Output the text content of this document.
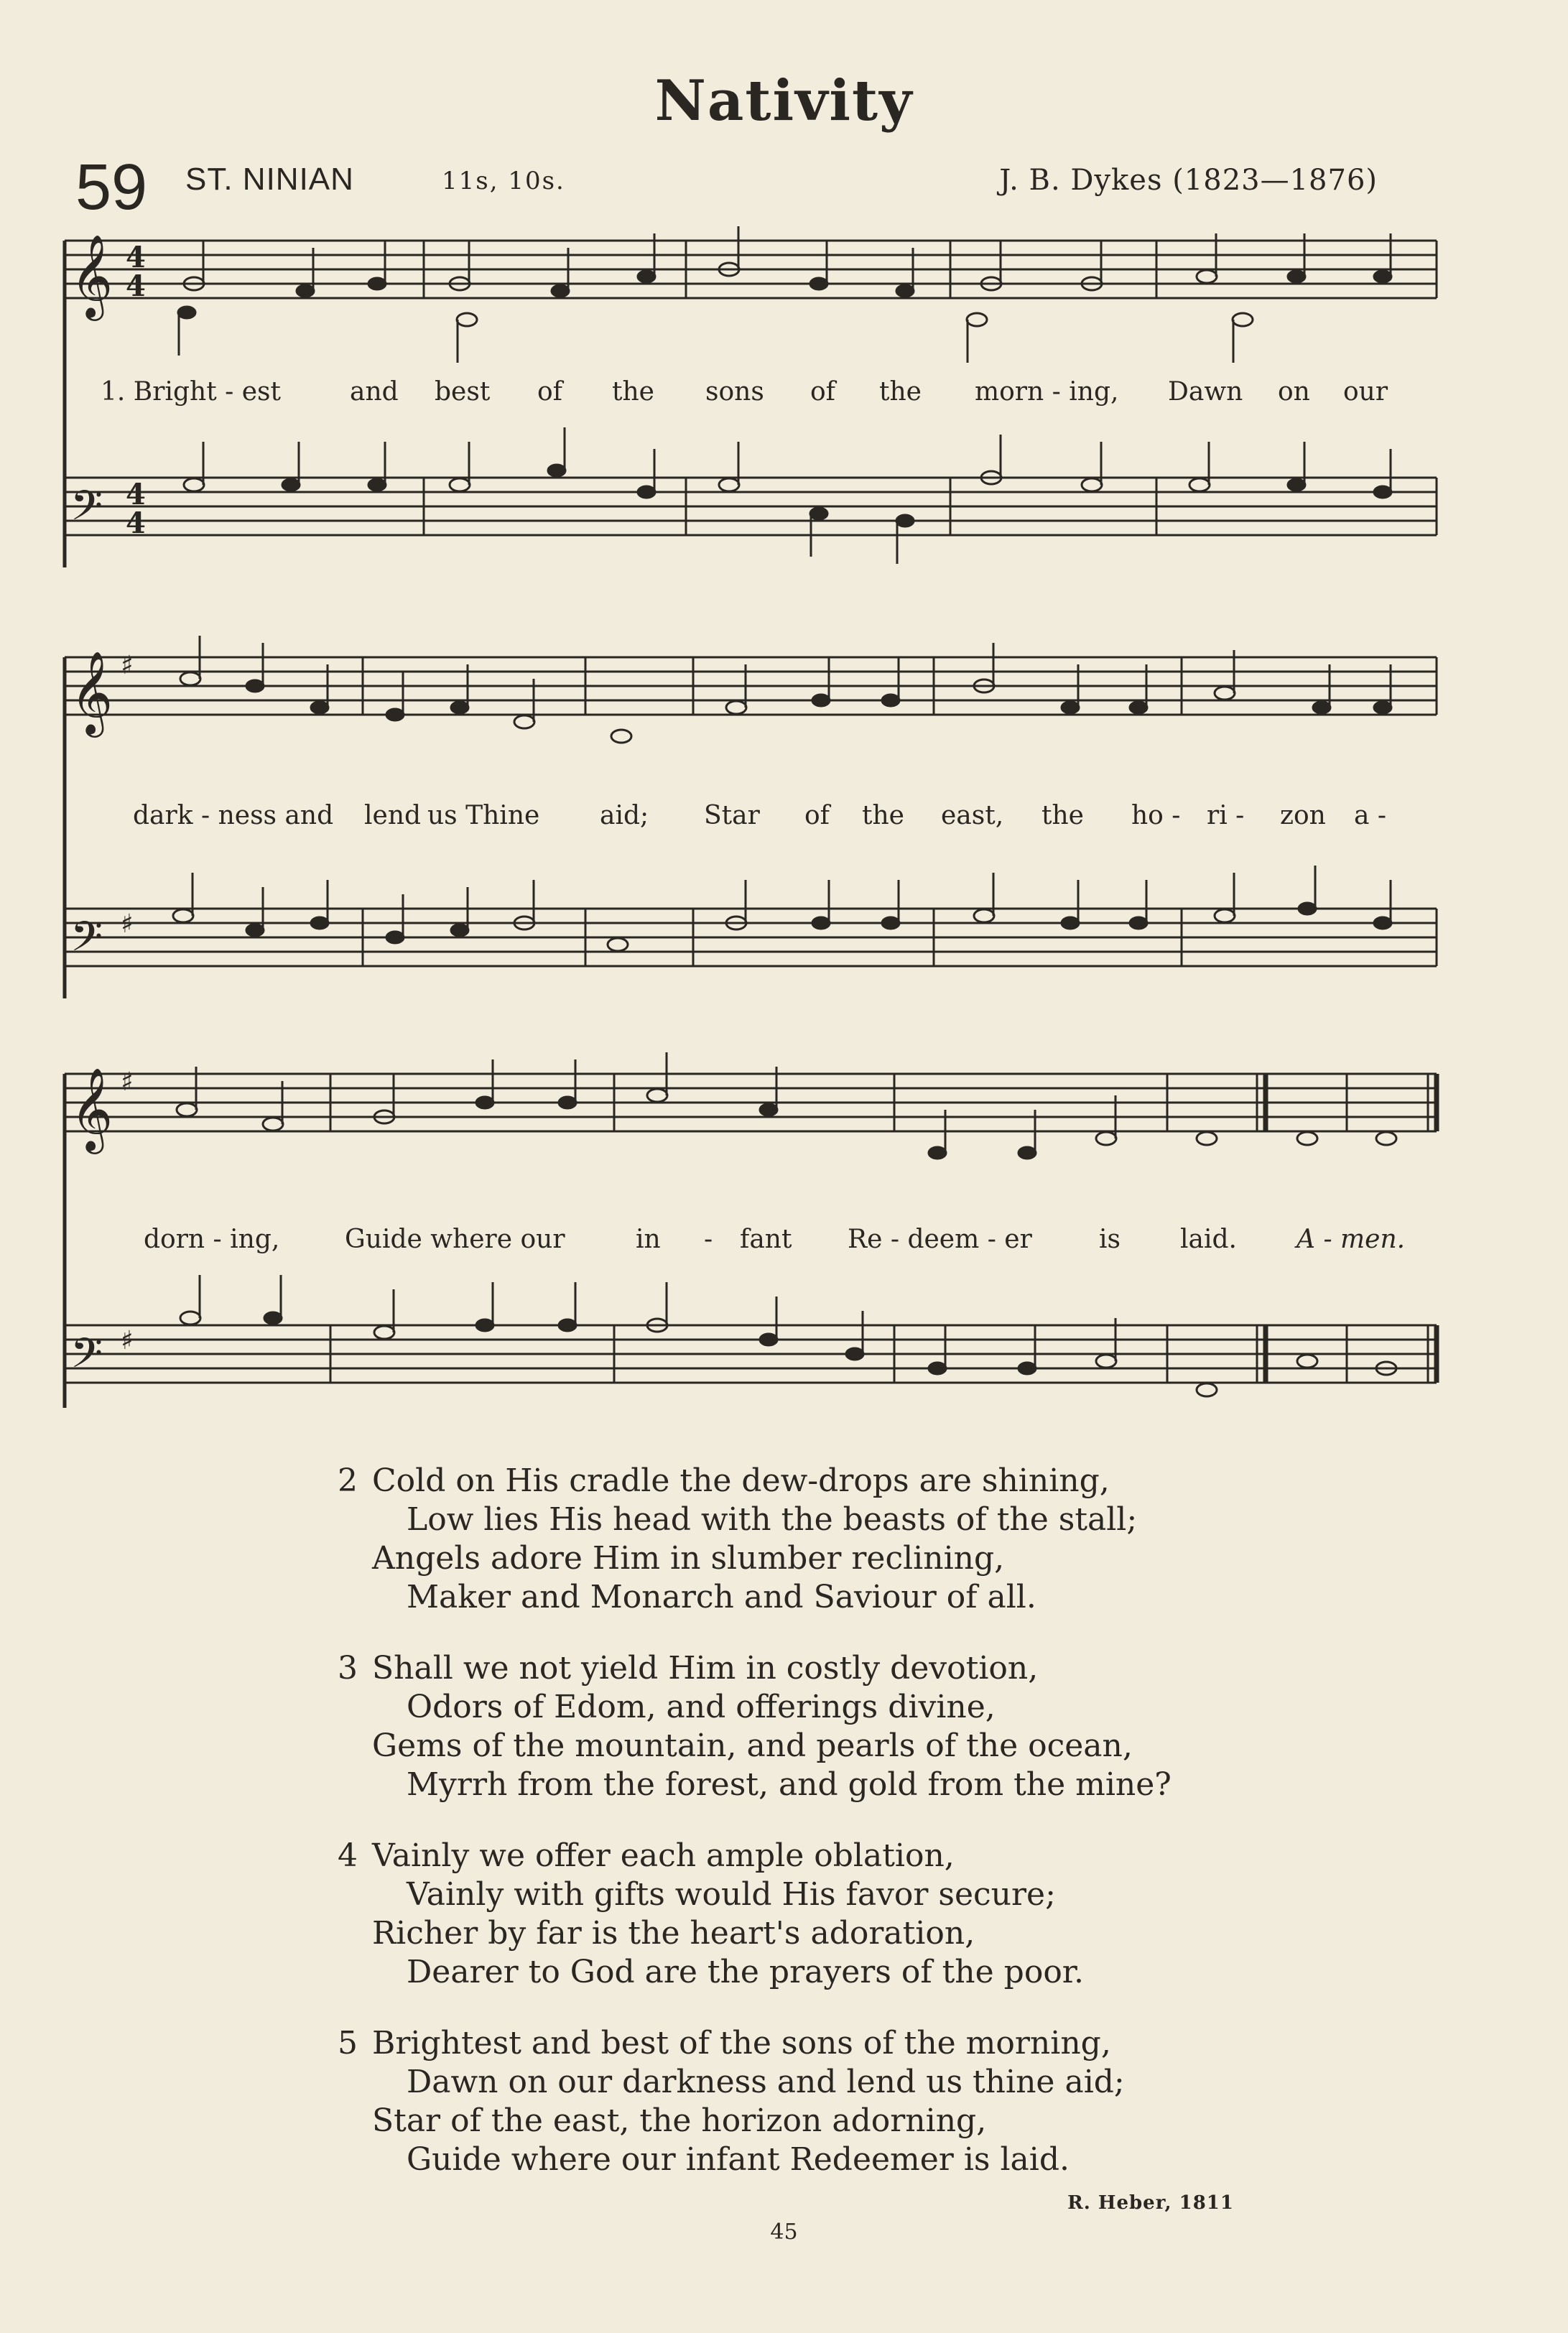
Nativity
59 ST. NINIAN	11s, 10s.	J. B. Dykes (1823—1876)
𝄞
𝄢
4
4
4
4
1. Bright - est	and best of the sons of the morn - ing, Dawn on our
𝄞
𝄢
♯
♯
dark - ness and lend us Thine aid; Star of the east, the ho - ri - zon a -
𝄞
𝄢
♯
♯
dorn - ing,	Guide where our	in - fant Re - deem - er	is laid. A - men.
2 Cold on His cradle the dew-drops are shining,
Low lies His head with the beasts of the stall;
Angels adore Him in slumber reclining,
Maker and Monarch and Saviour of all.
3 Shall we not yield Him in costly devotion,
Odors of Edom, and offerings divine,
Gems of the mountain, and pearls of the ocean,
Myrrh from the forest, and gold from the mine?
4 Vainly we offer each ample oblation,
Vainly with gifts would His favor secure;
Richer by far is the heart's adoration,
Dearer to God are the prayers of the poor.
5 Brightest and best of the sons of the morning,
Dawn on our darkness and lend us thine aid;
Star of the east, the horizon adorning,
Guide where our infant Redeemer is laid.
R. Heber, 1811
45
